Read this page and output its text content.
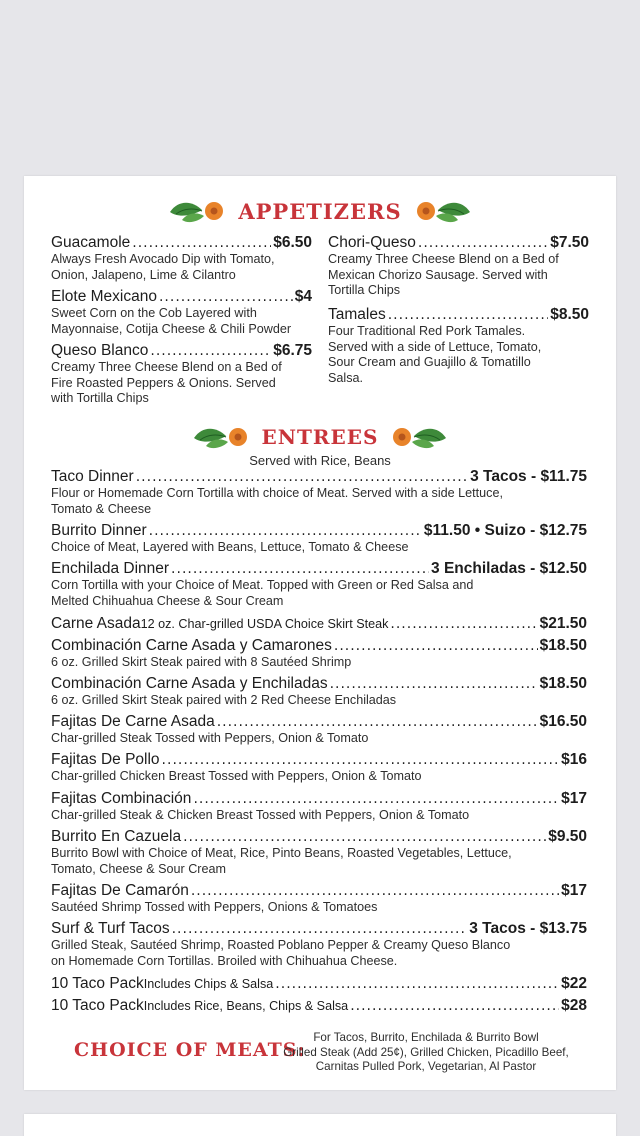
APPETIZERS
Guacamole .....	$6.50
Always Fresh Avocado Dip with Tomato,
Onion, Jalapeno, Lime & Cilantro
Elote Mexicano .....	$4
Sweet Corn on the Cob Layered with
Mayonnaise, Cotija Cheese & Chili Powder
Queso Blanco .....	$6.75
Creamy Three Cheese Blend on a Bed of
Fire Roasted Peppers & Onions. Served
with Tortilla Chips
Chori-Queso .....	$7.50
Creamy Three Cheese Blend on a Bed of
Mexican Chorizo Sausage. Served with
Tortilla Chips
Tamales .....	$8.50
Four Traditional Red Pork Tamales.
Served with a side of Lettuce, Tomato,
Sour Cream and Guajillo & Tomatillo
Salsa.
ENTREES
Served with Rice, Beans
Taco Dinner .....	3 Tacos - $11.75
Flour or Homemade Corn Tortilla with choice of Meat. Served with a side Lettuce,
Tomato & Cheese
Burrito Dinner .....	$11.50 • Suizo - $12.75
Choice of Meat, Layered with Beans, Lettuce, Tomato & Cheese
Enchilada Dinner .....	3 Enchiladas - $12.50
Corn Tortilla with your Choice of Meat. Topped with Green or Red Salsa and
Melted Chihuahua Cheese & Sour Cream
Carne Asada 12 oz. Char-grilled USDA Choice Skirt Steak .....	$21.50
Combinación Carne Asada y Camarones .....	$18.50
6 oz. Grilled Skirt Steak paired with 8 Sautéed Shrimp
Combinación Carne Asada y Enchiladas .....	$18.50
6 oz. Grilled Skirt Steak paired with 2 Red Cheese Enchiladas
Fajitas De Carne Asada .....	$16.50
Char-grilled Steak Tossed with Peppers, Onion & Tomato
Fajitas De Pollo .....	$16
Char-grilled Chicken Breast Tossed with Peppers, Onion & Tomato
Fajitas Combinación .....	$17
Char-grilled Steak & Chicken Breast Tossed with Peppers, Onion & Tomato
Burrito En Cazuela .....	$9.50
Burrito Bowl with Choice of Meat, Rice, Pinto Beans, Roasted Vegetables, Lettuce,
Tomato, Cheese & Sour Cream
Fajitas De Camarón .....	$17
Sautéed Shrimp Tossed with Peppers, Onions & Tomatoes
Surf & Turf Tacos .....	3 Tacos - $13.75
Grilled Steak, Sautéed Shrimp, Roasted Poblano Pepper & Creamy Queso Blanco
on Homemade Corn Tortillas. Broiled with Chihuahua Cheese.
10 Taco Pack Includes Chips & Salsa .....	$22
10 Taco Pack Includes Rice, Beans, Chips & Salsa .....	$28
CHOICE OF MEATS:
For Tacos, Burrito, Enchilada & Burrito Bowl
Grilled Steak (Add 25¢), Grilled Chicken, Picadillo Beef,
Carnitas Pulled Pork, Vegetarian, Al Pastor
